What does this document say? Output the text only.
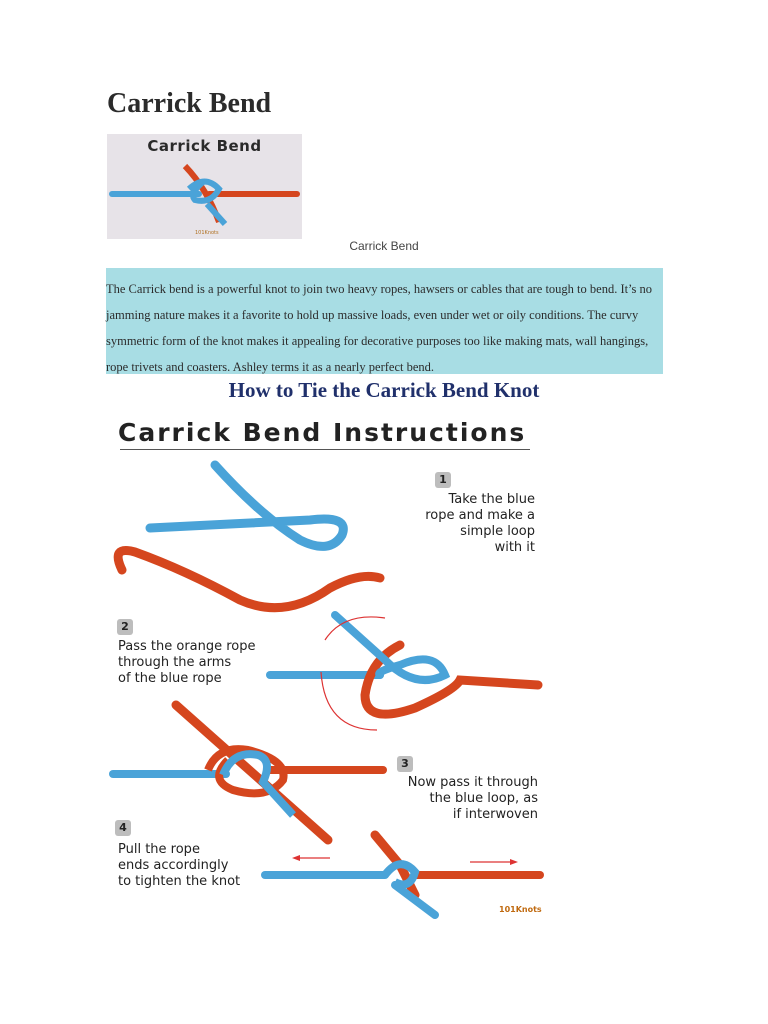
Carrick Bend
Carrick Bend
101Knots
Carrick Bend

The Carrick bend is a powerful knot to join two heavy ropes, hawsers or cables that are tough to bend. It’s no jamming nature makes it a favorite to hold up massive loads, even under wet or oily conditions. The curvy symmetric form of the knot makes it appealing for decorative purposes too like making mats, wall hangings, rope trivets and coasters. Ashley terms it as a nearly perfect bend.

How to Tie the Carrick Bend Knot
Carrick Bend Instructions
1
Take the blue
rope and make a
simple loop
with it
2
Pass the orange rope
through the arms
of the blue rope
3
Now pass it through
the blue loop, as
if interwoven
4
Pull the rope
ends accordingly
to tighten the knot
101Knots
